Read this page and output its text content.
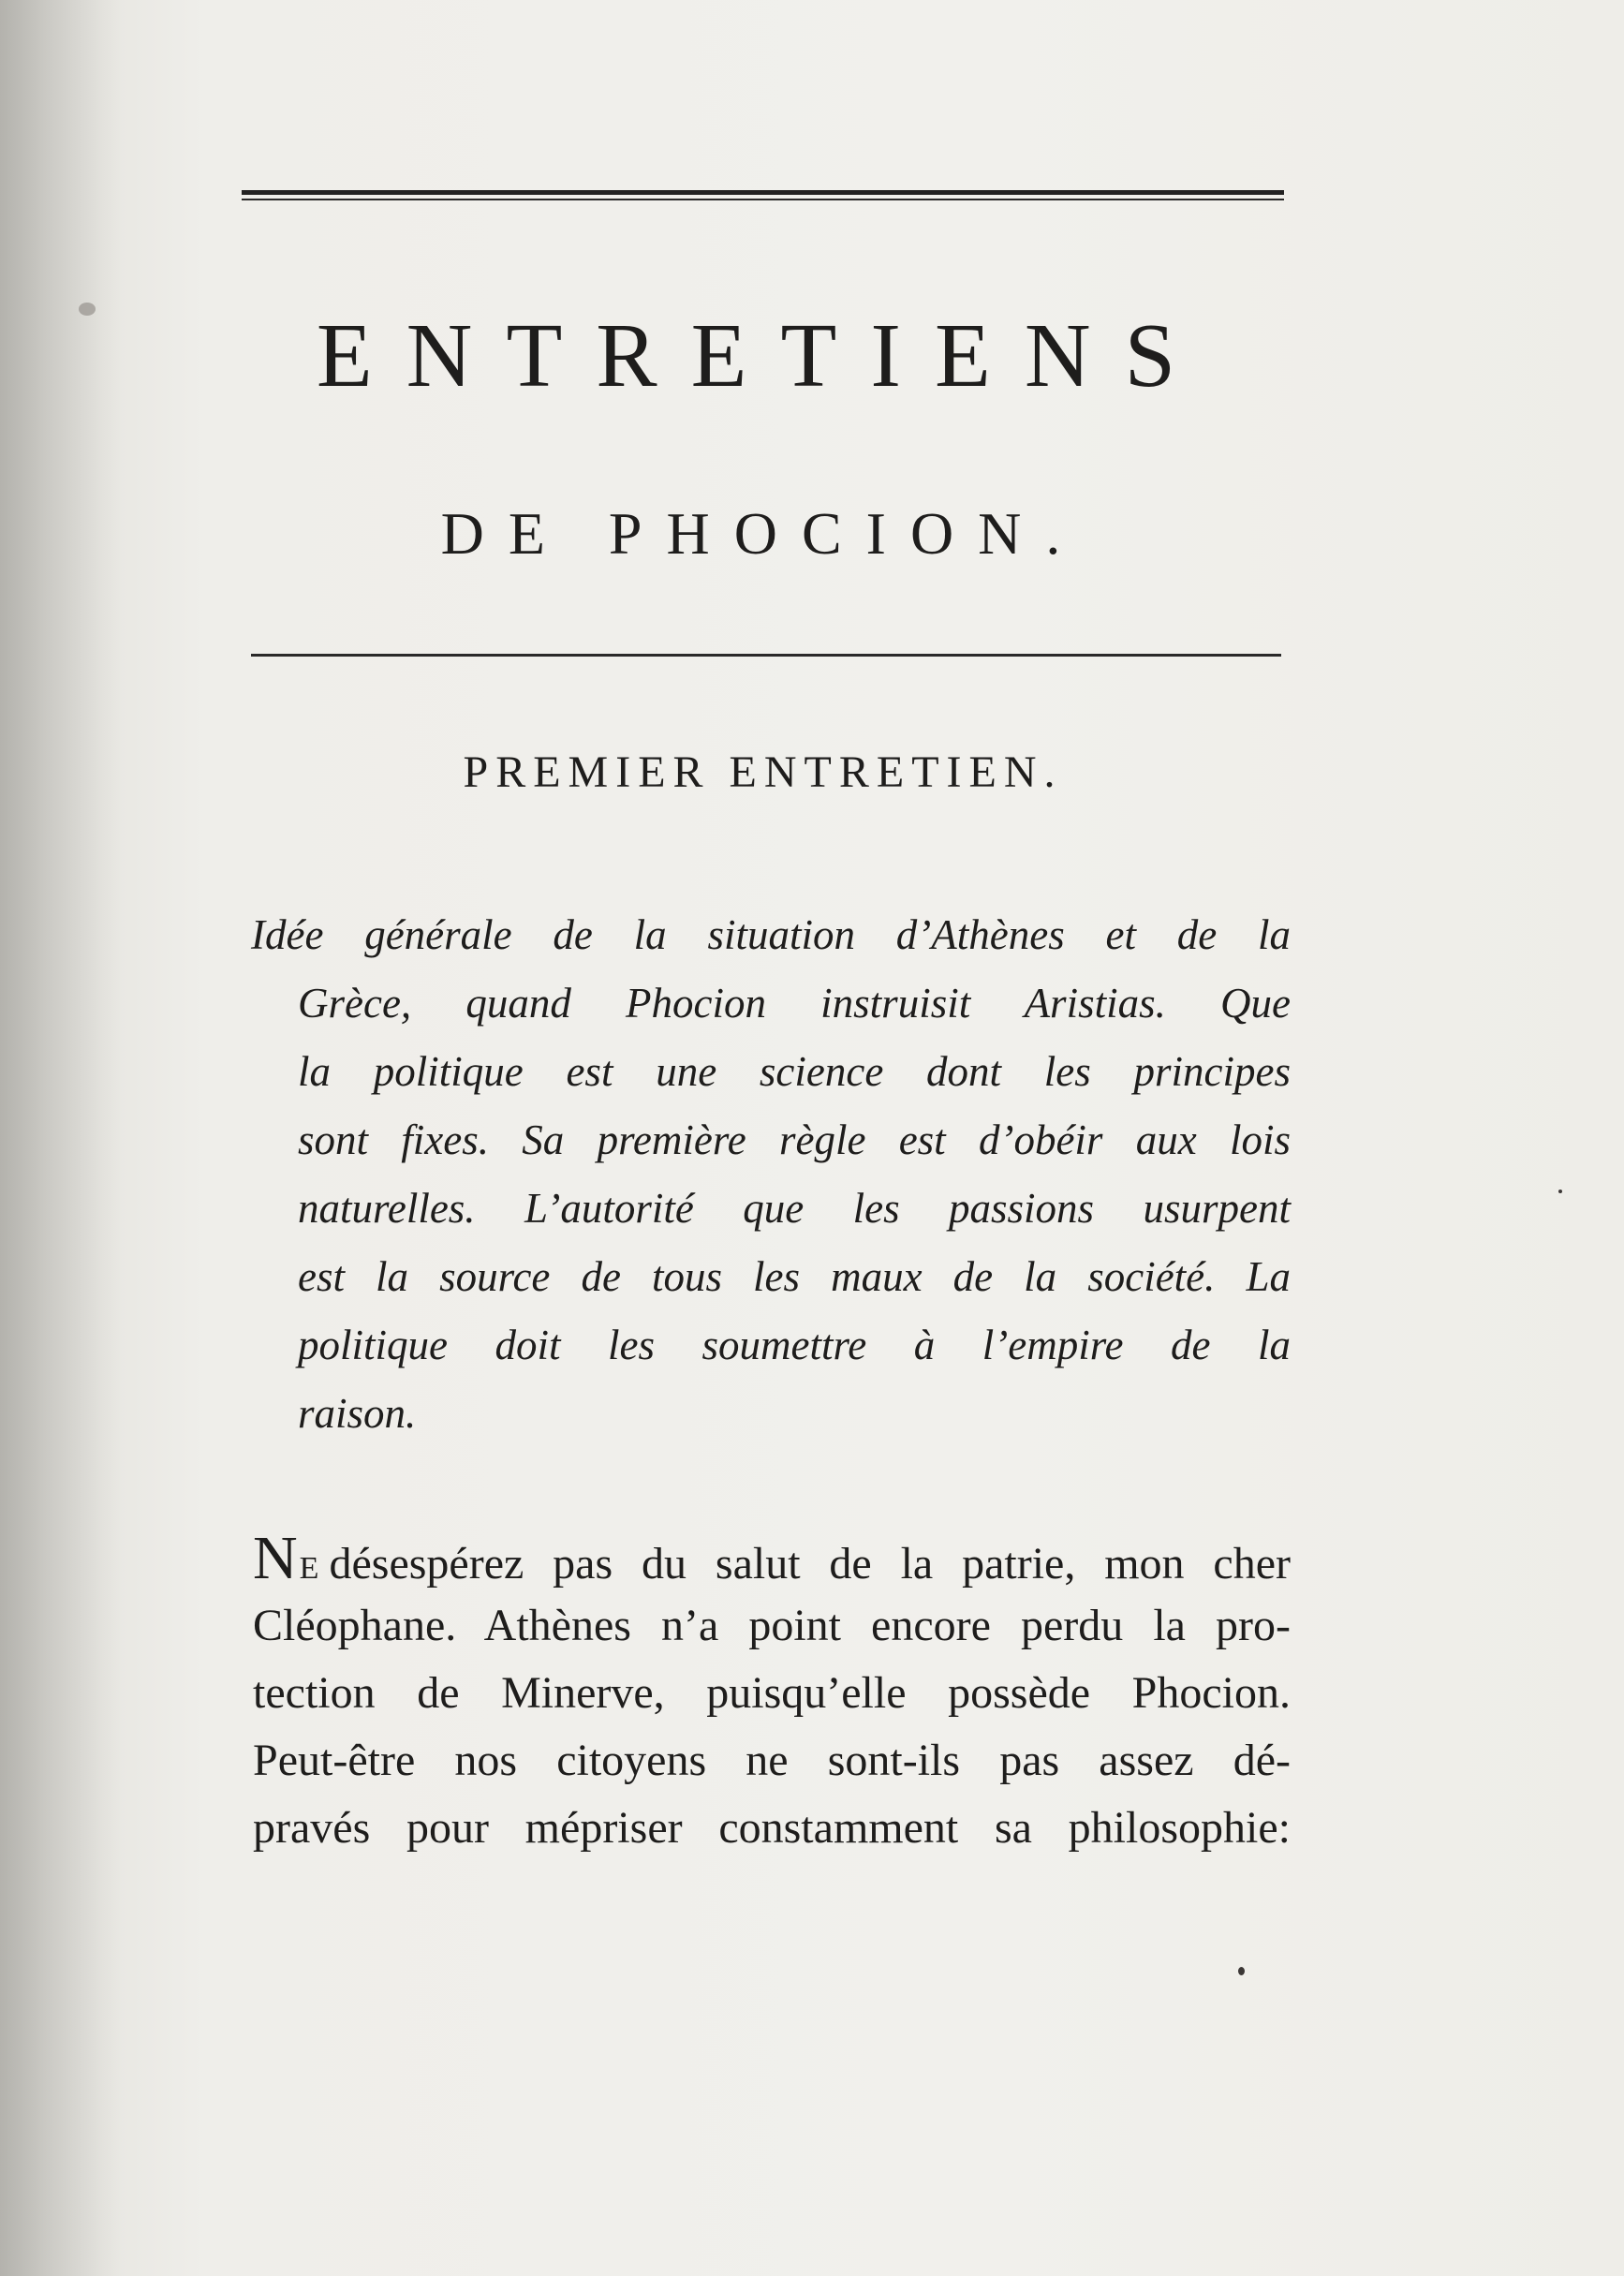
ENTRETIENS
DE PHOCION.
PREMIER ENTRETIEN.
Idée générale de la situation d’Athènes et de la
Grèce, quand Phocion instruisit Aristias. Que
la politique est une science dont les principes
sont fixes. Sa première règle est d’obéir aux lois
naturelles. L’autorité que les passions usurpent
est la source de tous les maux de la société. La
politique doit les soumettre à l’empire de la
raison.
NE désespérez pas du salut de la patrie, mon cher
Cléophane. Athènes n’a point encore perdu la pro-
tection de Minerve, puisqu’elle possède Phocion.
Peut-être nos citoyens ne sont-ils pas assez dé-
pravés pour mépriser constamment sa philosophie:
